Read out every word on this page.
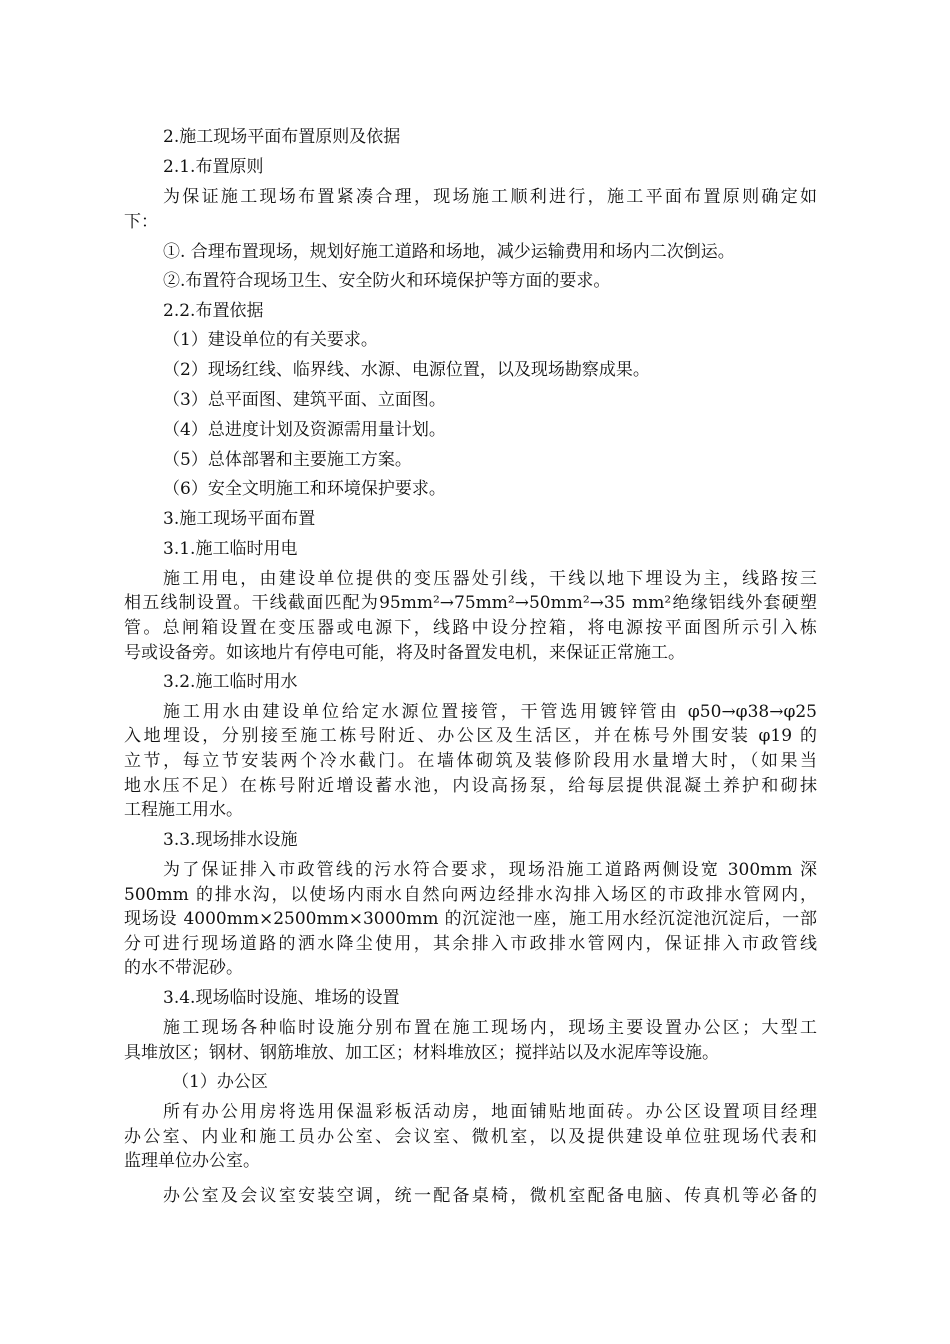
2.施工现场平面布置原则及依据
2.1.布置原则
为保证施工现场布置紧凑合理，现场施工顺利进行，施工平面布置原则确定如
下：
①. 合理布置现场，规划好施工道路和场地，减少运输费用和场内二次倒运。
②.布置符合现场卫生、安全防火和环境保护等方面的要求。
2.2.布置依据
（1）建设单位的有关要求。
（2）现场红线、临界线、水源、电源位置，以及现场勘察成果。
（3）总平面图、建筑平面、立面图。
（4）总进度计划及资源需用量计划。
（5）总体部署和主要施工方案。
（6）安全文明施工和环境保护要求。
3.施工现场平面布置
3.1.施工临时用电
施工用电，由建设单位提供的变压器处引线，干线以地下埋设为主，线路按三
相五线制设置。干线截面匹配为95mm²→75mm²→50mm²→35 mm²绝缘铝线外套硬塑
管。总闸箱设置在变压器或电源下，线路中设分控箱，将电源按平面图所示引入栋
号或设备旁。如该地片有停电可能，将及时备置发电机，来保证正常施工。
3.2.施工临时用水
施工用水由建设单位给定水源位置接管，干管选用镀锌管由 φ50→φ38→φ25
入地埋设，分别接至施工栋号附近、办公区及生活区，并在栋号外围安装 φ19 的
立节，每立节安装两个冷水截门。在墙体砌筑及装修阶段用水量增大时，（如果当
地水压不足）在栋号附近增设蓄水池，内设高扬泵，给每层提供混凝土养护和砌抹
工程施工用水。
3.3.现场排水设施
为了保证排入市政管线的污水符合要求，现场沿施工道路两侧设宽 300mm 深
500mm 的排水沟，以使场内雨水自然向两边经排水沟排入场区的市政排水管网内，
现场设 4000mm×2500mm×3000mm 的沉淀池一座，施工用水经沉淀池沉淀后，一部
分可进行现场道路的洒水降尘使用，其余排入市政排水管网内，保证排入市政管线
的水不带泥砂。
3.4.现场临时设施、堆场的设置
施工现场各种临时设施分别布置在施工现场内，现场主要设置办公区；大型工
具堆放区；钢材、钢筋堆放、加工区；材料堆放区；搅拌站以及水泥库等设施。
（1）办公区
所有办公用房将选用保温彩板活动房，地面铺贴地面砖。办公区设置项目经理
办公室、内业和施工员办公室、会议室、微机室，以及提供建设单位驻现场代表和
监理单位办公室。
办公室及会议室安装空调，统一配备桌椅，微机室配备电脑、传真机等必备的
